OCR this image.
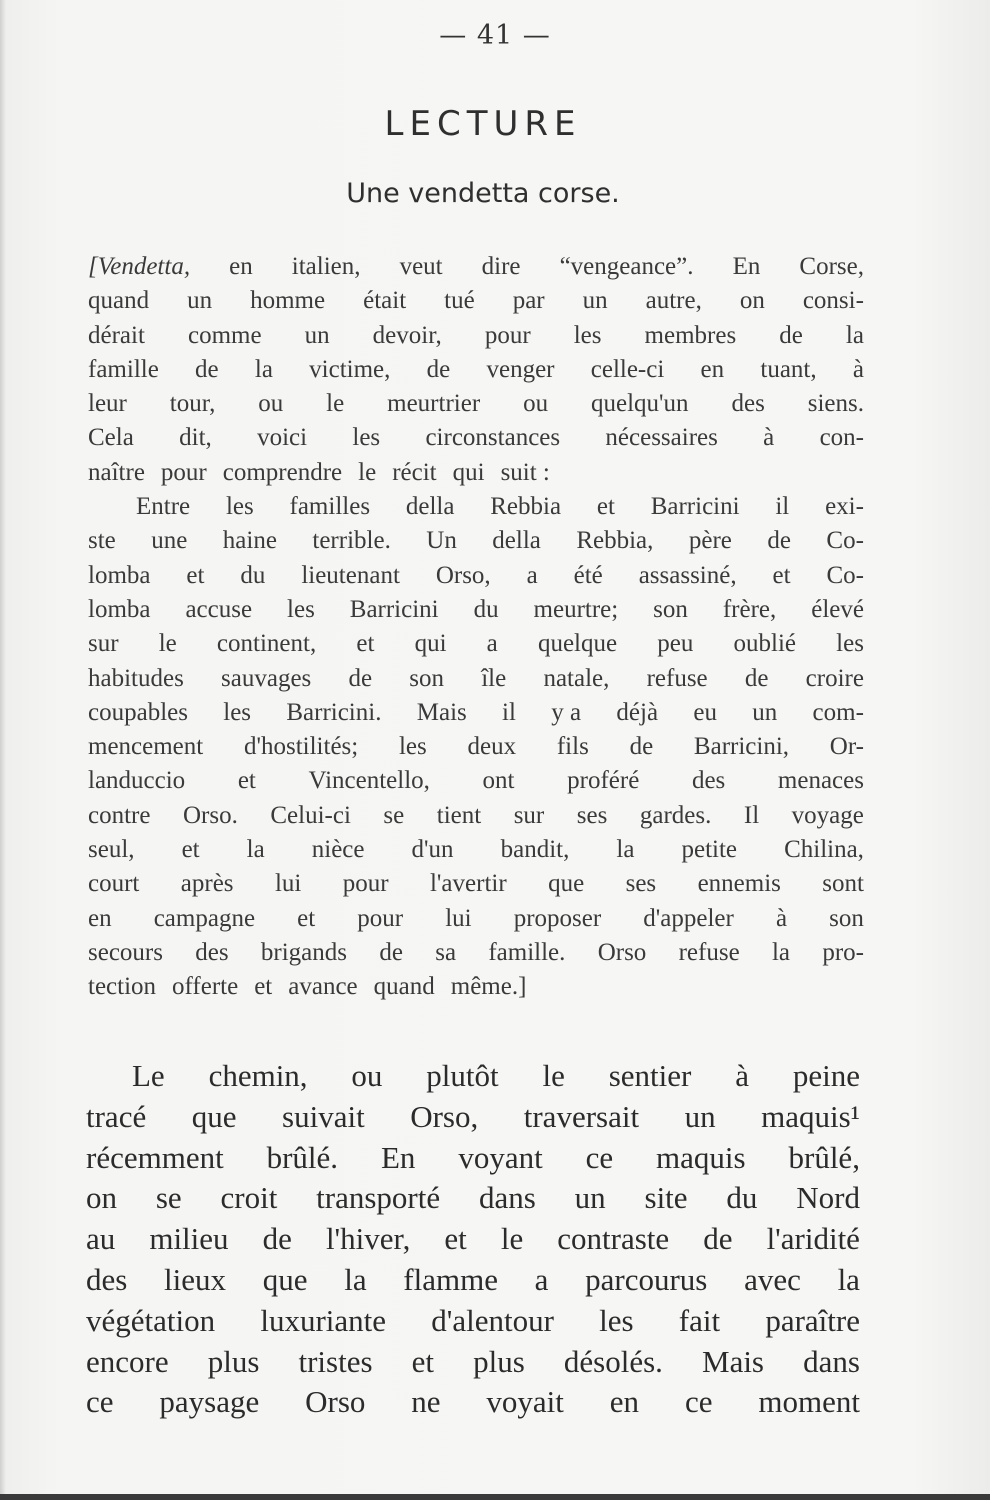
— 41 —
LECTURE
Une vendetta corse.
[Vendetta, en italien, veut dire “vengeance”. En Corse,
quand un homme était tué par un autre, on consi-
dérait comme un devoir, pour les membres de la
famille de la victime, de venger celle-ci en tuant, à
leur tour, ou le meurtrier ou quelqu'un des siens.
Cela dit, voici les circonstances nécessaires à con-
naître pour comprendre le récit qui suit :
Entre les familles della Rebbia et Barricini il exi-
ste une haine terrible. Un della Rebbia, père de Co-
lomba et du lieutenant Orso, a été assassiné, et Co-
lomba accuse les Barricini du meurtre; son frère, élevé
sur le continent, et qui a quelque peu oublié les
habitudes sauvages de son île natale, refuse de croire
coupables les Barricini. Mais il y a déjà eu un com-
mencement d'hostilités; les deux fils de Barricini, Or-
landuccio et Vincentello, ont proféré des menaces
contre Orso. Celui-ci se tient sur ses gardes. Il voyage
seul, et la nièce d'un bandit, la petite Chilina,
court après lui pour l'avertir que ses ennemis sont
en campagne et pour lui proposer d'appeler à son
secours des brigands de sa famille. Orso refuse la pro-
tection offerte et avance quand même.]
Le chemin, ou plutôt le sentier à peine
tracé que suivait Orso, traversait un maquis¹
récemment brûlé. En voyant ce maquis brûlé,
on se croit transporté dans un site du Nord
au milieu de l'hiver, et le contraste de l'aridité
des lieux que la flamme a parcourus avec la
végétation luxuriante d'alentour les fait paraître
encore plus tristes et plus désolés. Mais dans
ce paysage Orso ne voyait en ce moment
